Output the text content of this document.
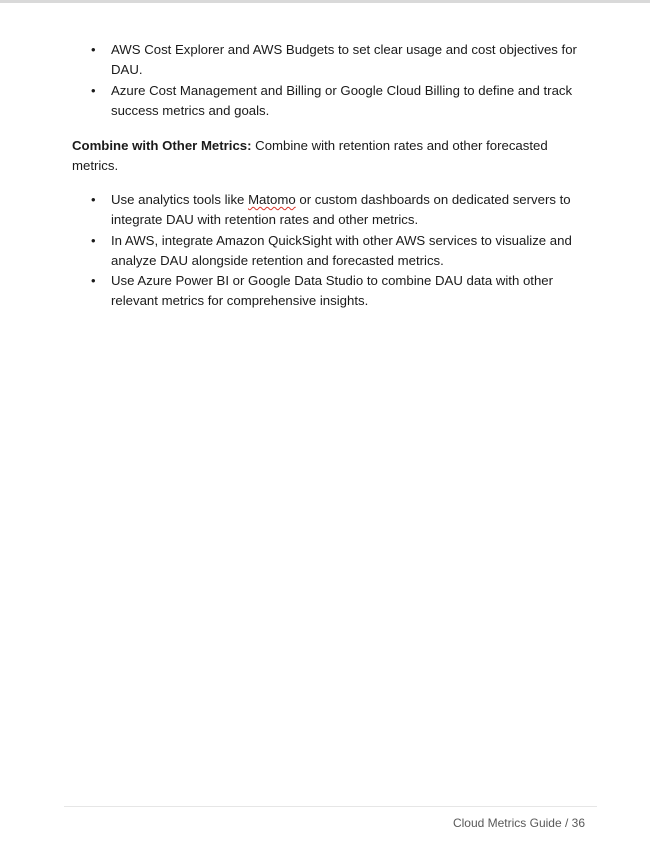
• AWS Cost Explorer and AWS Budgets to set clear usage and cost objectives for DAU.
• Azure Cost Management and Billing or Google Cloud Billing to define and track success metrics and goals.

Combine with Other Metrics: Combine with retention rates and other forecasted metrics.

• Use analytics tools like Matomo or custom dashboards on dedicated servers to integrate DAU with retention rates and other metrics.
• In AWS, integrate Amazon QuickSight with other AWS services to visualize and analyze DAU alongside retention and forecasted metrics.
• Use Azure Power BI or Google Data Studio to combine DAU data with other relevant metrics for comprehensive insights.
Cloud Metrics Guide / 36
